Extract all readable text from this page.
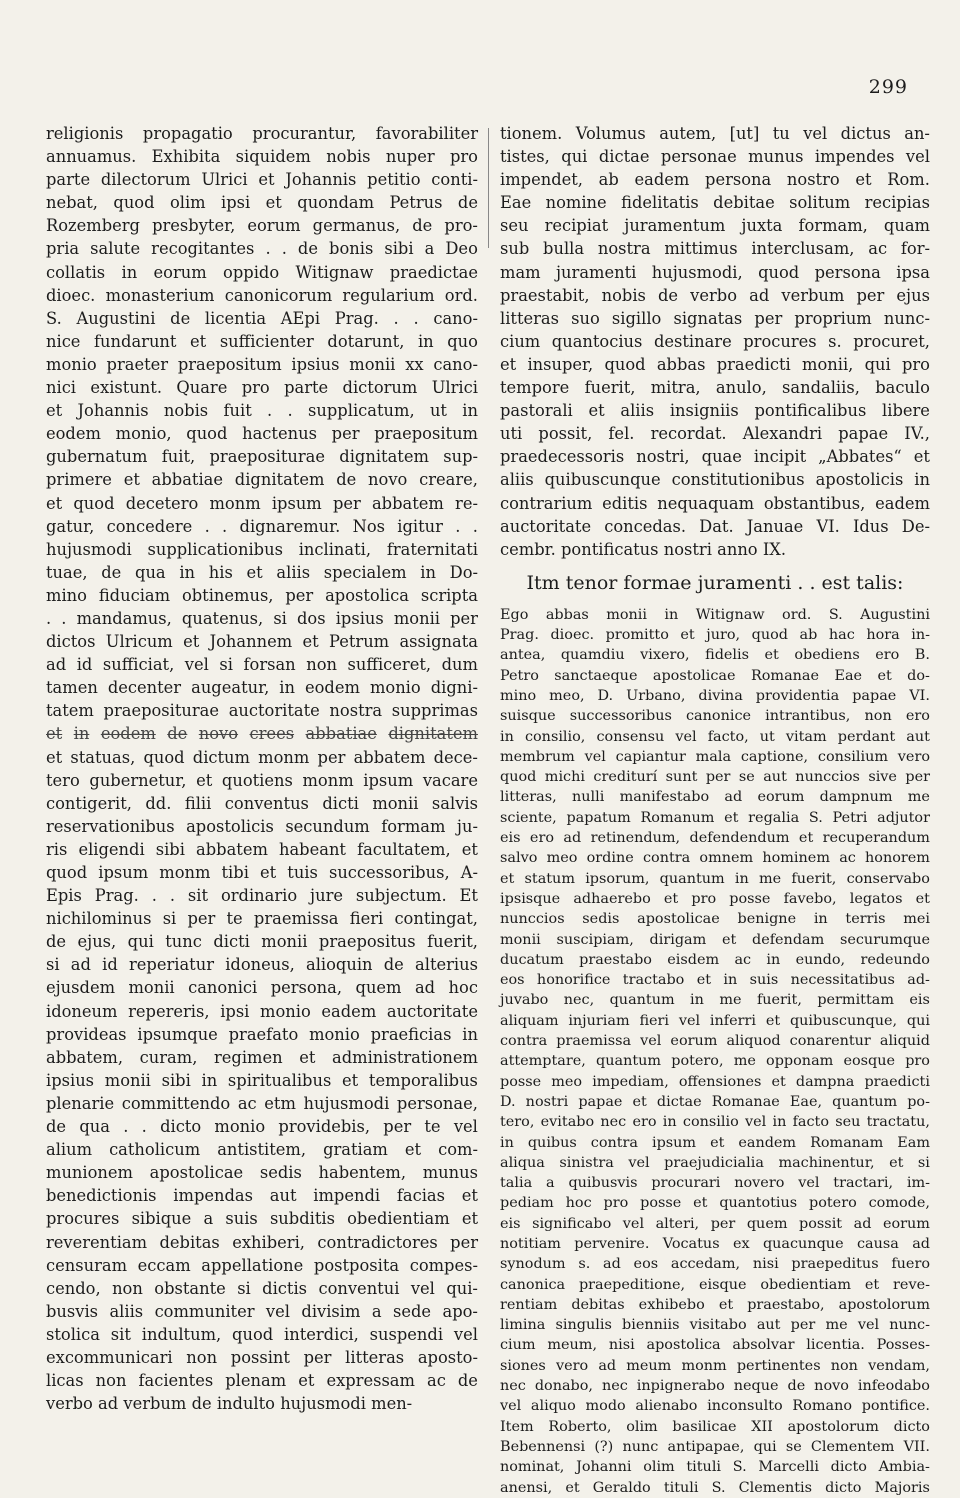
299
religionis propagatio procurantur, favorabiliter
annuamus. Exhibita siquidem nobis nuper pro
parte dilectorum Ulrici et Johannis petitio conti-
nebat, quod olim ipsi et quondam Petrus de
Rozemberg presbyter, eorum germanus, de pro-
pria salute recogitantes . . de bonis sibi a Deo
collatis in eorum oppido Witignaw praedictae
dioec. monasterium canonicorum regularium ord.
S. Augustini de licentia AEpi Prag. . . cano-
nice fundarunt et sufficienter dotarunt, in quo
monio praeter praepositum ipsius monii xx cano-
nici existunt. Quare pro parte dictorum Ulrici
et Johannis nobis fuit . . supplicatum, ut in
eodem monio, quod hactenus per praepositum
gubernatum fuit, praepositurae dignitatem sup-
primere et abbatiae dignitatem de novo creare,
et quod decetero monm ipsum per abbatem re-
gatur, concedere . . dignaremur. Nos igitur . .
hujusmodi supplicationibus inclinati, fraternitati
tuae, de qua in his et aliis specialem in Do-
mino fiduciam obtinemus, per apostolica scripta
. . mandamus, quatenus, si dos ipsius monii per
dictos Ulricum et Johannem et Petrum assignata
ad id sufficiat, vel si forsan non sufficeret, dum
tamen decenter augeatur, in eodem monio digni-
tatem praepositurae auctoritate nostra supprimas
et in eodem de novo crees abbatiae dignitatem
et statuas, quod dictum monm per abbatem dece-
tero gubernetur, et quotiens monm ipsum vacare
contigerit, dd. filii conventus dicti monii salvis
reservationibus apostolicis secundum formam ju-
ris eligendi sibi abbatem habeant facultatem, et
quod ipsum monm tibi et tuis successoribus, A-
Epis Prag. . . sit ordinario jure subjectum. Et
nichilominus si per te praemissa fieri contingat,
de ejus, qui tunc dicti monii praepositus fuerit,
si ad id reperiatur idoneus, alioquin de alterius
ejusdem monii canonici persona, quem ad hoc
idoneum repereris, ipsi monio eadem auctoritate
provideas ipsumque praefato monio praeficias in
abbatem, curam, regimen et administrationem
ipsius monii sibi in spiritualibus et temporalibus
plenarie committendo ac etm hujusmodi personae,
de qua . . dicto monio providebis, per te vel
alium catholicum antistitem, gratiam et com-
munionem apostolicae sedis habentem, munus
benedictionis impendas aut impendi facias et
procures sibique a suis subditis obedientiam et
reverentiam debitas exhiberi, contradictores per
censuram eccam appellatione postposita compes-
cendo, non obstante si dictis conventui vel qui-
busvis aliis communiter vel divisim a sede apo-
stolica sit indultum, quod interdici, suspendi vel
excommunicari non possint per litteras aposto-
licas non facientes plenam et expressam ac de
verbo ad verbum de indulto hujusmodi men-
tionem. Volumus autem, [ut] tu vel dictus an-
tistes, qui dictae personae munus impendes vel
impendet, ab eadem persona nostro et Rom.
Eae nomine fidelitatis debitae solitum recipias
seu recipiat juramentum juxta formam, quam
sub bulla nostra mittimus interclusam, ac for-
mam juramenti hujusmodi, quod persona ipsa
praestabit, nobis de verbo ad verbum per ejus
litteras suo sigillo signatas per proprium nunc-
cium quantocius destinare procures s. procuret,
et insuper, quod abbas praedicti monii, qui pro
tempore fuerit, mitra, anulo, sandaliis, baculo
pastorali et aliis insigniis pontificalibus libere
uti possit, fel. recordat. Alexandri papae IV.,
praedecessoris nostri, quae incipit „Abbates“ et
aliis quibuscunque constitutionibus apostolicis in
contrarium editis nequaquam obstantibus, eadem
auctoritate concedas. Dat. Januae VI. Idus De-
cembr. pontificatus nostri anno IX.
Itm tenor formae juramenti . . est talis:
Ego abbas monii in Witignaw ord. S. Augustini
Prag. dioec. promitto et juro, quod ab hac hora in-
antea, quamdiu vixero, fidelis et obediens ero B.
Petro sanctaeque apostolicae Romanae Eae et do-
mino meo, D. Urbano, divina providentia papae VI.
suisque successoribus canonice intrantibus, non ero
in consilio, consensu vel facto, ut vitam perdant aut
membrum vel capiantur mala captione, consilium vero
quod michi crediturí sunt per se aut nunccios sive per
litteras, nulli manifestabo ad eorum dampnum me
sciente, papatum Romanum et regalia S. Petri adjutor
eis ero ad retinendum, defendendum et recuperandum
salvo meo ordine contra omnem hominem ac honorem
et statum ipsorum, quantum in me fuerit, conservabo
ipsisque adhaerebo et pro posse favebo, legatos et
nunccios sedis apostolicae benigne in terris mei
monii suscipiam, dirigam et defendam securumque
ducatum praestabo eisdem ac in eundo, redeundo
eos honorifice tractabo et in suis necessitatibus ad-
juvabo nec, quantum in me fuerit, permittam eis
aliquam injuriam fieri vel inferri et quibuscunque, qui
contra praemissa vel eorum aliquod conarentur aliquid
attemptare, quantum potero, me opponam eosque pro
posse meo impediam, offensiones et dampna praedicti
D. nostri papae et dictae Romanae Eae, quantum po-
tero, evitabo nec ero in consilio vel in facto seu tractatu,
in quibus contra ipsum et eandem Romanam Eam
aliqua sinistra vel praejudicialia machinentur, et si
talia a quibusvis procurari novero vel tractari, im-
pediam hoc pro posse et quantotius potero comode,
eis significabo vel alteri, per quem possit ad eorum
notitiam pervenire. Vocatus ex quacunque causa ad
synodum s. ad eos accedam, nisi praepeditus fuero
canonica praepeditione, eisque obedientiam et reve-
rentiam debitas exhibebo et praestabo, apostolorum
limina singulis bienniis visitabo aut per me vel nunc-
cium meum, nisi apostolica absolvar licentia. Posses-
siones vero ad meum monm pertinentes non vendam,
nec donabo, nec inpignerabo neque de novo infeodabo
vel aliquo modo alienabo inconsulto Romano pontifice.
Item Roberto, olim basilicae XII apostolorum dicto
Bebennensi (?) nunc antipapae, qui se Clementem VII.
nominat, Johanni olim tituli S. Marcelli dicto Ambia-
anensi, et Geraldo tituli S. Clementis dicto Majoris
